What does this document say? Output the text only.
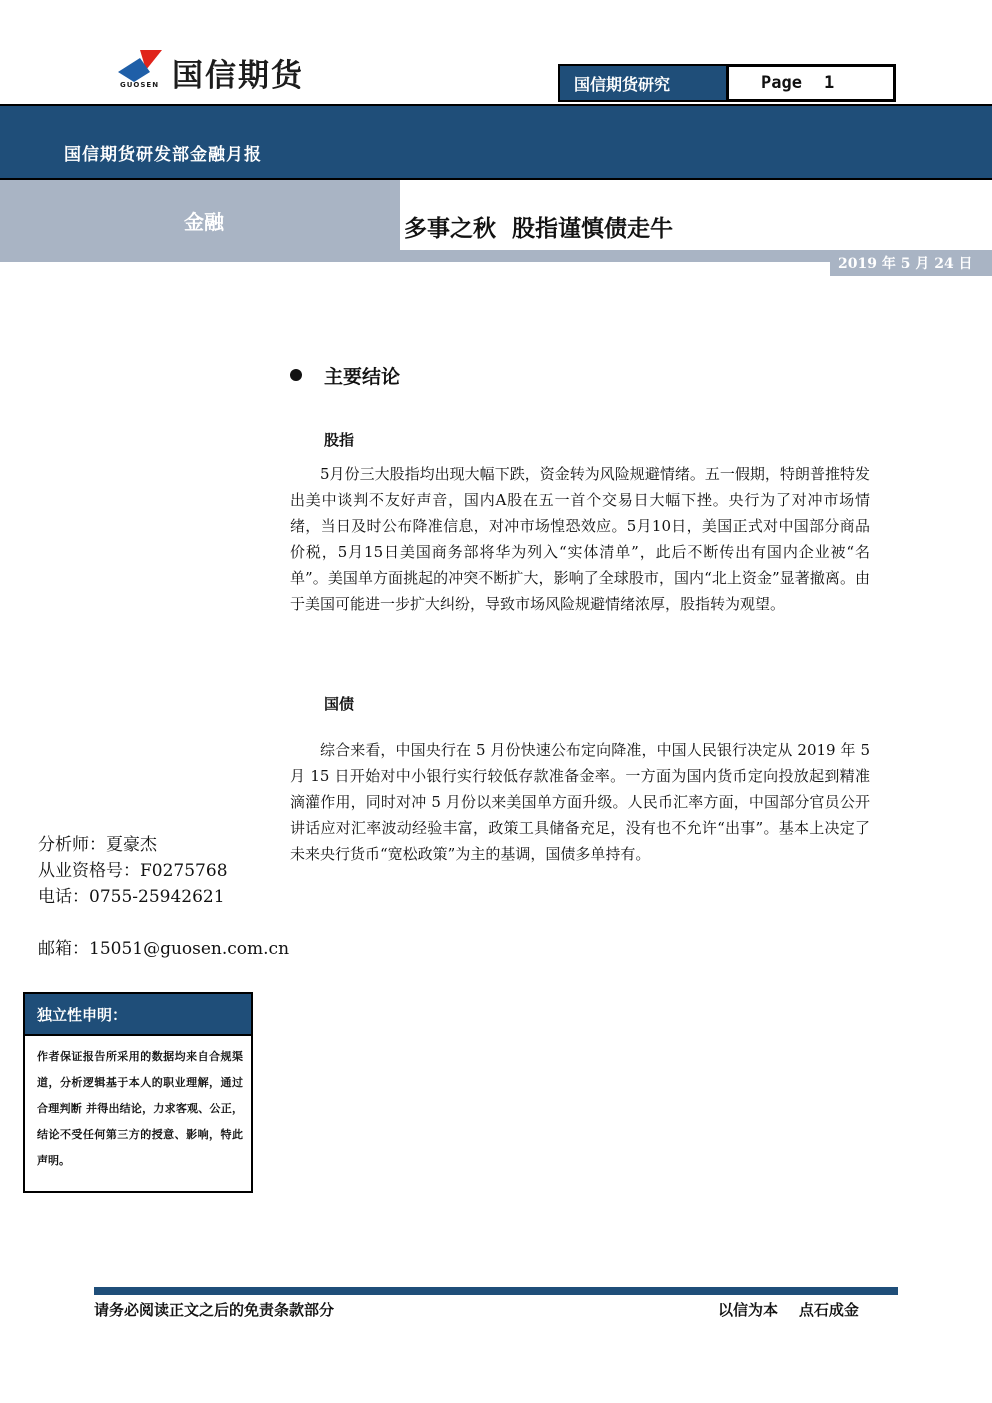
国信期货
GUOSEN	国信期货研究	Page 1
国信期货研发部金融月报
金融	多事之秋  股指谨慎债走牛
2019 年 5 月 24 日
主要结论
股指
5月份三大股指均出现大幅下跌，资金转为风险规避情绪。五一假期，特朗普推特发出美中谈判不友好声音，国内A股在五一首个交易日大幅下挫。央行为了对冲市场情绪，当日及时公布降准信息，对冲市场惶恐效应。5月10日，美国正式对中国部分商品价税，5月15日美国商务部将华为列入“实体清单”，此后不断传出有国内企业被“名单”。美国单方面挑起的冲突不断扩大，影响了全球股市，国内“北上资金”显著撤离。由于美国可能进一步扩大纠纷，导致市场风险规避情绪浓厚，股指转为观望。
国债
综合来看，中国央行在 5 月份快速公布定向降准，中国人民银行决定从 2019 年 5 月 15 日开始对中小银行实行较低存款准备金率。一方面为国内货币定向投放起到精准滴灌作用，同时对冲 5 月份以来美国单方面升级。人民币汇率方面，中国部分官员公开讲话应对汇率波动经验丰富，政策工具储备充足，没有也不允许“出事”。基本上决定了未来央行货币“宽松政策”为主的基调，国债多单持有。
分析师：夏豪杰
从业资格号：F0275768
电话：0755-25942621
邮箱：15051@guosen.com.cn
独立性申明：
作者保证报告所采用的数据均来自合规渠道，分析逻辑基于本人的职业理解，通过合理判断 并得出结论，力求客观、公正，结论不受任何第三方的授意、影响，特此声明。
请务必阅读正文之后的免责条款部分	以信为本    点石成金
